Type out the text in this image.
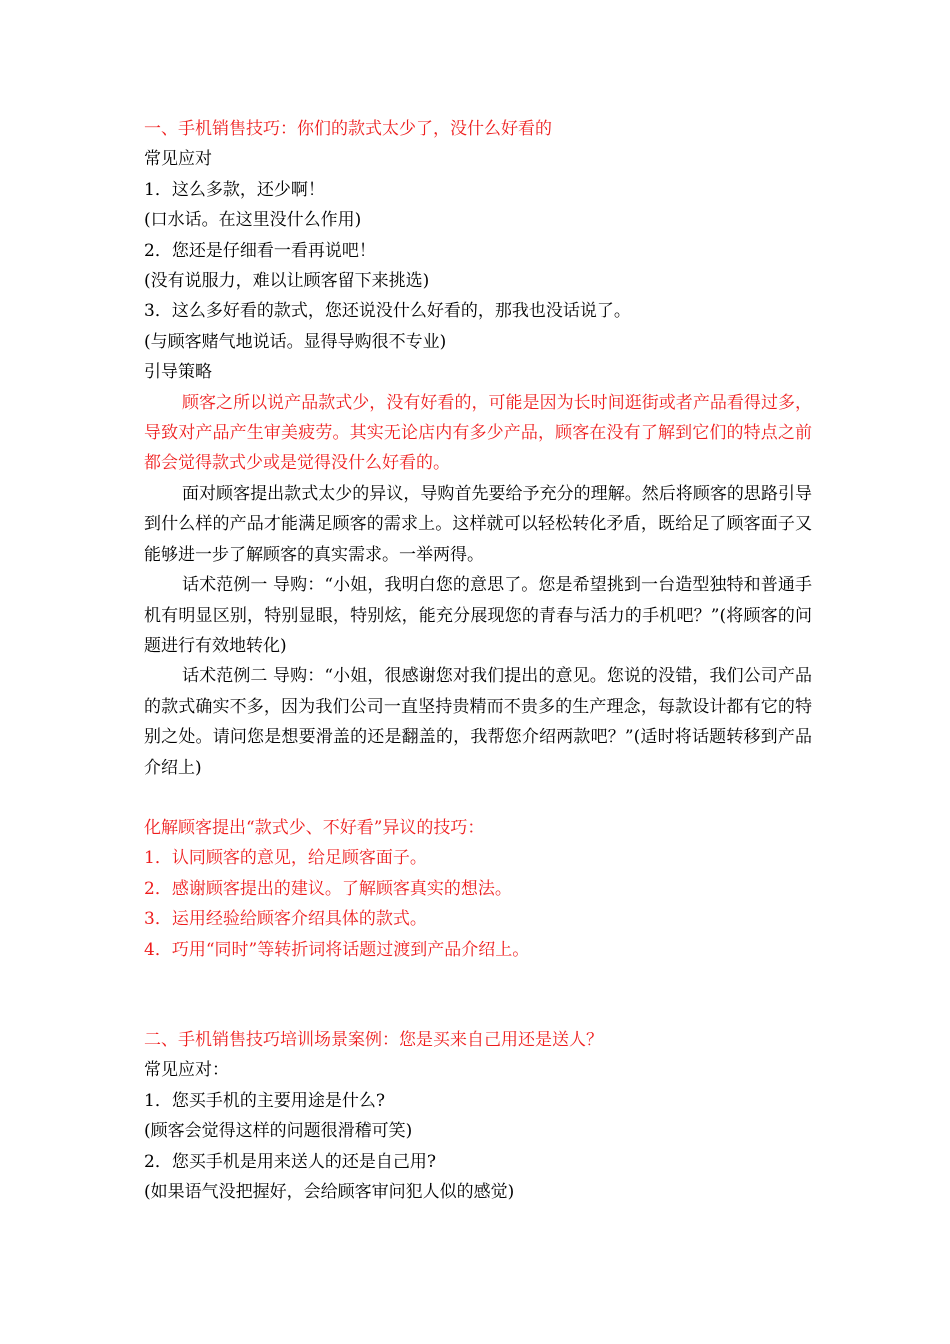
一、手机销售技巧：你们的款式太少了，没什么好看的

常见应对

1．这么多款，还少啊！

(口水话。在这里没什么作用)

2．您还是仔细看一看再说吧！

(没有说服力，难以让顾客留下来挑选)

3．这么多好看的款式，您还说没什么好看的，那我也没话说了。

(与顾客赌气地说话。显得导购很不专业)

引导策略

顾客之所以说产品款式少，没有好看的，可能是因为长时间逛街或者产品看得过多，导致对产品产生审美疲劳。其实无论店内有多少产品，顾客在没有了解到它们的特点之前都会觉得款式少或是觉得没什么好看的。

面对顾客提出款式太少的异议，导购首先要给予充分的理解。然后将顾客的思路引导到什么样的产品才能满足顾客的需求上。这样就可以轻松转化矛盾，既给足了顾客面子又能够进一步了解顾客的真实需求。一举两得。

话术范例一 导购：“小姐，我明白您的意思了。您是希望挑到一台造型独特和普通手机有明显区别，特别显眼，特别炫，能充分展现您的青春与活力的手机吧？”(将顾客的问题进行有效地转化)

话术范例二 导购：“小姐，很感谢您对我们提出的意见。您说的没错，我们公司产品的款式确实不多，因为我们公司一直坚持贵精而不贵多的生产理念，每款设计都有它的特别之处。请问您是想要滑盖的还是翻盖的，我帮您介绍两款吧？”(适时将话题转移到产品介绍上)

化解顾客提出“款式少、不好看”异议的技巧：

1．认同顾客的意见，给足顾客面子。

2．感谢顾客提出的建议。了解顾客真实的想法。

3．运用经验给顾客介绍具体的款式。

4．巧用“同时”等转折词将话题过渡到产品介绍上。

二、手机销售技巧培训场景案例：您是买来自己用还是送人？

常见应对：

1．您买手机的主要用途是什么?

(顾客会觉得这样的问题很滑稽可笑)

2．您买手机是用来送人的还是自己用?

(如果语气没把握好，会给顾客审问犯人似的感觉)
